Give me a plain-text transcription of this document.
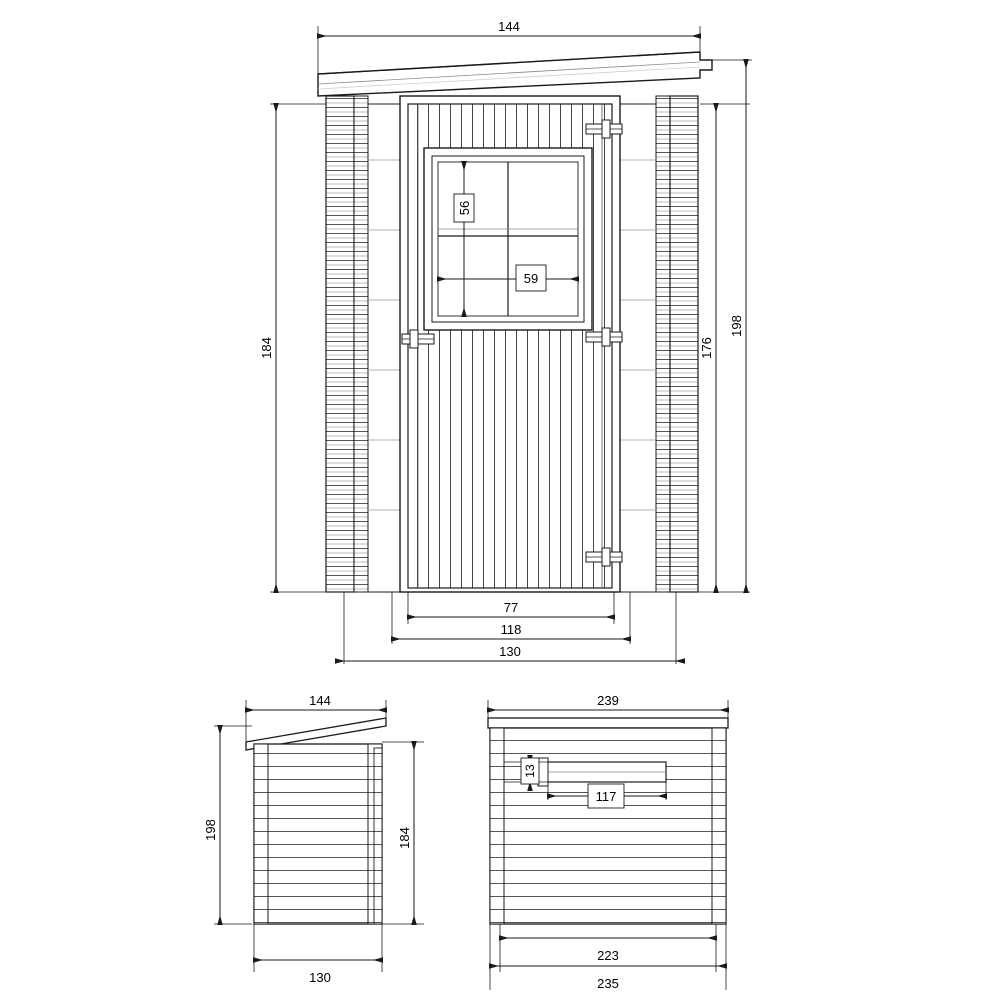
144
56
59
184	176
198
77
118
130
144
198	184
130
239
13
117
223
235
